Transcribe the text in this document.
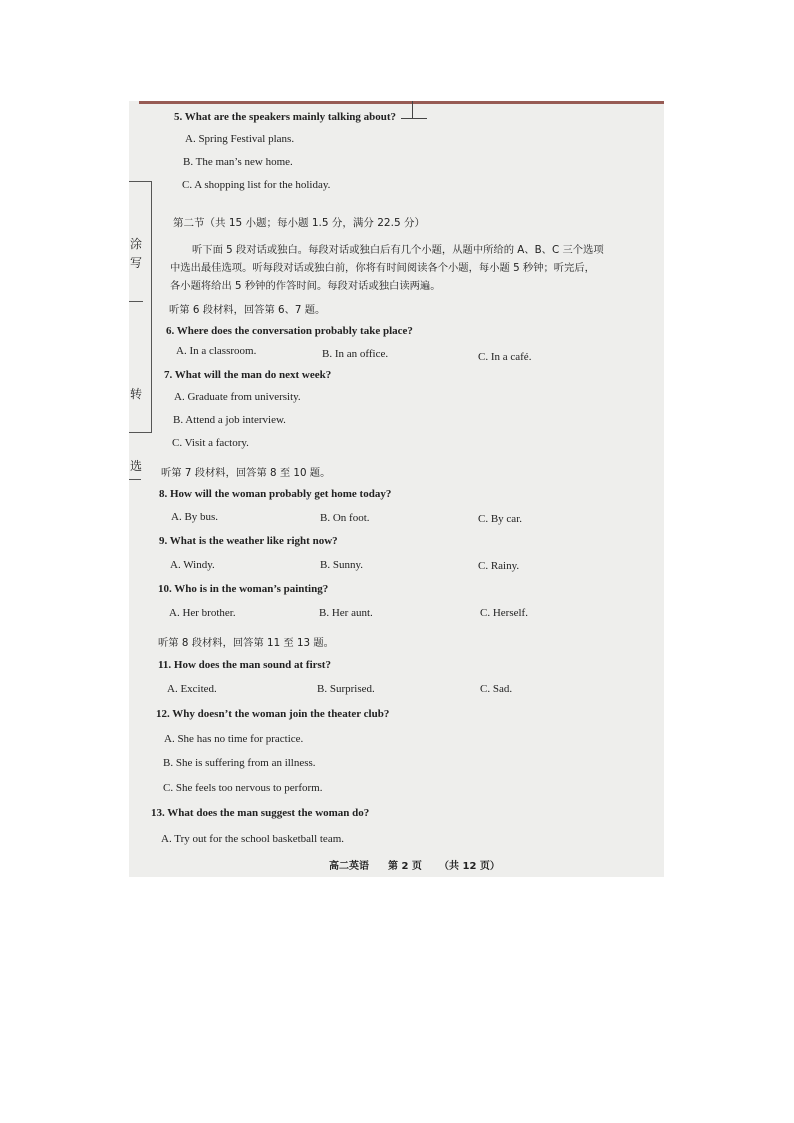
涂
写
转
选
5. What are the speakers mainly talking about?
A. Spring Festival plans.
B. The man’s new home.
C. A shopping list for the holiday.
第二节（共 15 小题；每小题 1.5 分，满分 22.5 分）
听下面 5 段对话或独白。每段对话或独白后有几个小题，从题中所给的 A、B、C 三个选项
中选出最佳选项。听每段对话或独白前，你将有时间阅读各个小题，每小题 5 秒钟；听完后，
各小题将给出 5 秒钟的作答时间。每段对话或独白读两遍。
听第 6 段材料，回答第 6、7 题。
6. Where does the conversation probably take place?
A. In a classroom.	B. In an office.	C. In a café.
7. What will the man do next week?
A. Graduate from university.
B. Attend a job interview.
C. Visit a factory.
听第 7 段材料，回答第 8 至 10 题。
8. How will the woman probably get home today?
A. By bus.	B. On foot.	C. By car.
9. What is the weather like right now?
A. Windy.	B. Sunny.	C. Rainy.
10. Who is in the woman’s painting?
A. Her brother.	B. Her aunt.	C. Herself.
听第 8 段材料，回答第 11 至 13 题。
11. How does the man sound at first?
A. Excited.	B. Surprised.	C. Sad.
12. Why doesn’t the woman join the theater club?
A. She has no time for practice.
B. She is suffering from an illness.
C. She feels too nervous to perform.
13. What does the man suggest the woman do?
A. Try out for the school basketball team.
高二英语 第 2 页 （共 12 页）
